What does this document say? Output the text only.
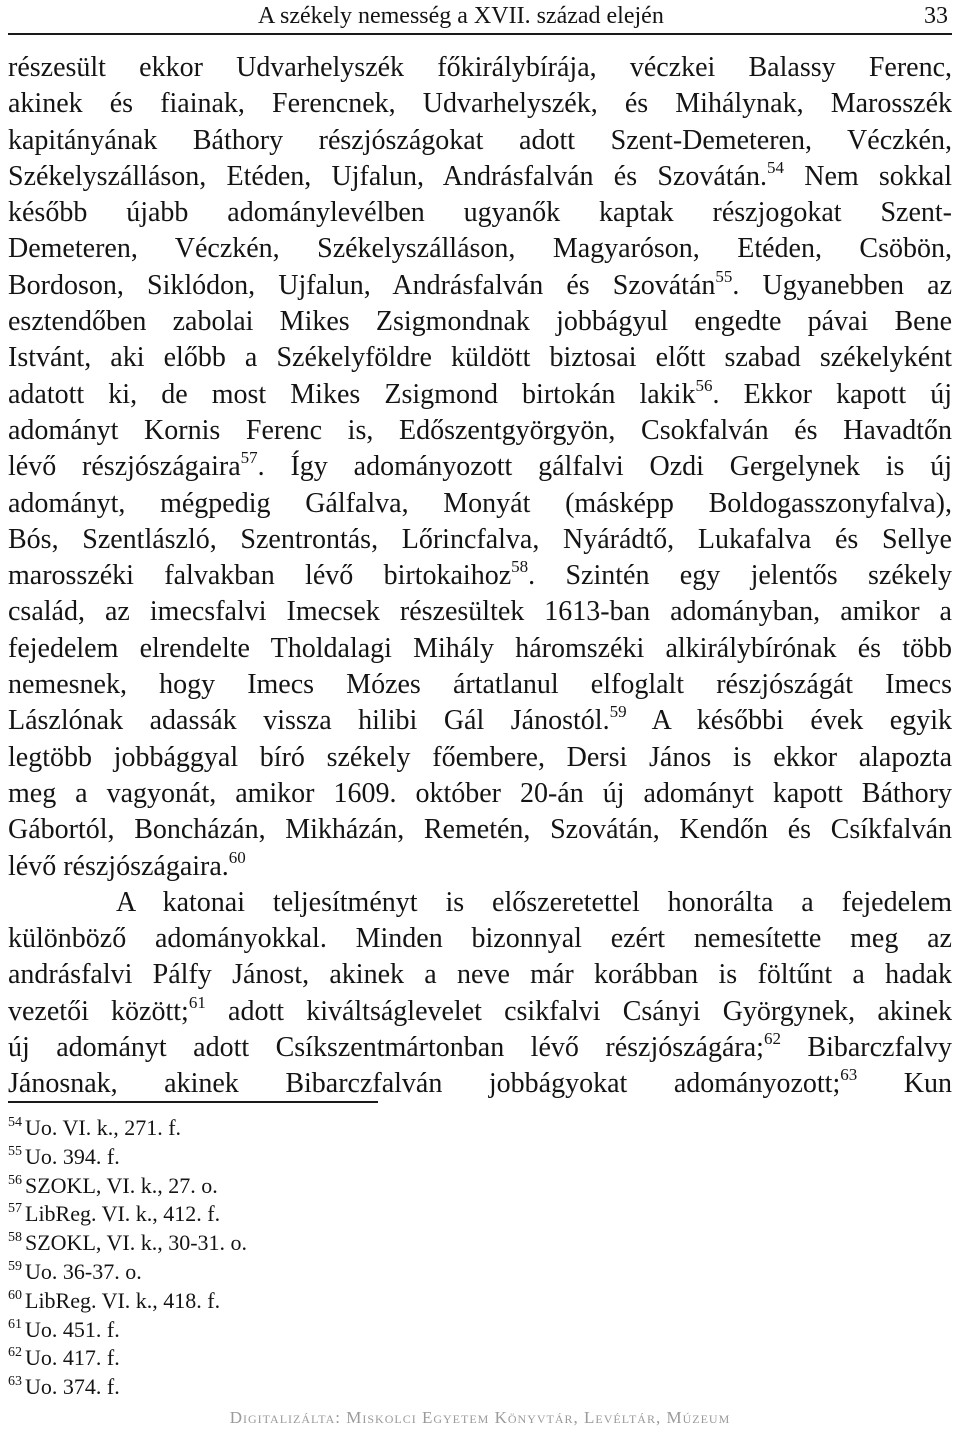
A székely nemesség a XVII. század elején	33
részesült ekkor Udvarhelyszék főkirálybírája, véczkei Balassy Ferenc,
akinek és fiainak, Ferencnek, Udvarhelyszék, és Mihálynak, Marosszék
kapitányának Báthory részjószágokat adott Szent-Demeteren, Véczkén,
Székelyszálláson, Etéden, Ujfalun, Andrásfalván és Szovátán.$^{54}$ Nem sokkal
később újabb adománylevélben ugyanők kaptak részjogokat Szent-
Demeteren, Véczkén, Székelyszálláson, Magyaróson, Etéden, Csöbön,
Bordoson, Siklódon, Ujfalun, Andrásfalván és Szovátán$^{55}$. Ugyanebben az
esztendőben zabolai Mikes Zsigmondnak jobbágyul engedte pávai Bene
Istvánt, aki előbb a Székelyföldre küldött biztosai előtt szabad székelyként
adatott ki, de most Mikes Zsigmond birtokán lakik$^{56}$. Ekkor kapott új
adományt Kornis Ferenc is, Edőszentgyörgyön, Csokfalván és Havadtőn
lévő részjószágaira$^{57}$. Így adományozott gálfalvi Ozdi Gergelynek is új
adományt, mégpedig Gálfalva, Monyát (másképp Boldogasszonyfalva),
Bós, Szentlászló, Szentrontás, Lőrincfalva, Nyárádtő, Lukafalva és Sellye
marosszéki falvakban lévő birtokaihoz$^{58}$. Szintén egy jelentős székely
család, az imecsfalvi Imecsek részesültek 1613-ban adományban, amikor a
fejedelem elrendelte Tholdalagi Mihály háromszéki alkirálybírónak és több
nemesnek, hogy Imecs Mózes ártatlanul elfoglalt részjószágát Imecs
Lászlónak adassák vissza hilibi Gál Jánostól.$^{59}$ A későbbi évek egyik
legtöbb jobbággyal bíró székely főembere, Dersi János is ekkor alapozta
meg a vagyonát, amikor 1609. október 20-án új adományt kapott Báthory
Gábortól, Boncházán, Mikházán, Remetén, Szovátán, Kendőn és Csíkfalván
lévő részjószágaira.$^{60}$
A katonai teljesítményt is előszeretettel honorálta a fejedelem
különböző adományokkal. Minden bizonnyal ezért nemesítette meg az
andrásfalvi Pálfy Jánost, akinek a neve már korábban is föltűnt a hadak
vezetői között;$^{61}$ adott kiváltságlevelet csikfalvi Csányi Györgynek, akinek
új adományt adott Csíkszentmártonban lévő részjószágára;$^{62}$ Bibarczfalvy
Jánosnak, akinek Bibarczfalván jobbágyokat adományozott;$^{63}$ Kun
$^{54}$ Uo. VI. k., 271. f.
$^{55}$ Uo. 394. f.
$^{56}$ SZOKL, VI. k., 27. o.
$^{57}$ LibReg. VI. k., 412. f.
$^{58}$ SZOKL, VI. k., 30-31. o.
$^{59}$ Uo. 36-37. o.
$^{60}$ LibReg. VI. k., 418. f.
$^{61}$ Uo. 451. f.
$^{62}$ Uo. 417. f.
$^{63}$ Uo. 374. f.
Digitalizálta: Miskolci Egyetem Könyvtár, Levéltár, Múzeum
